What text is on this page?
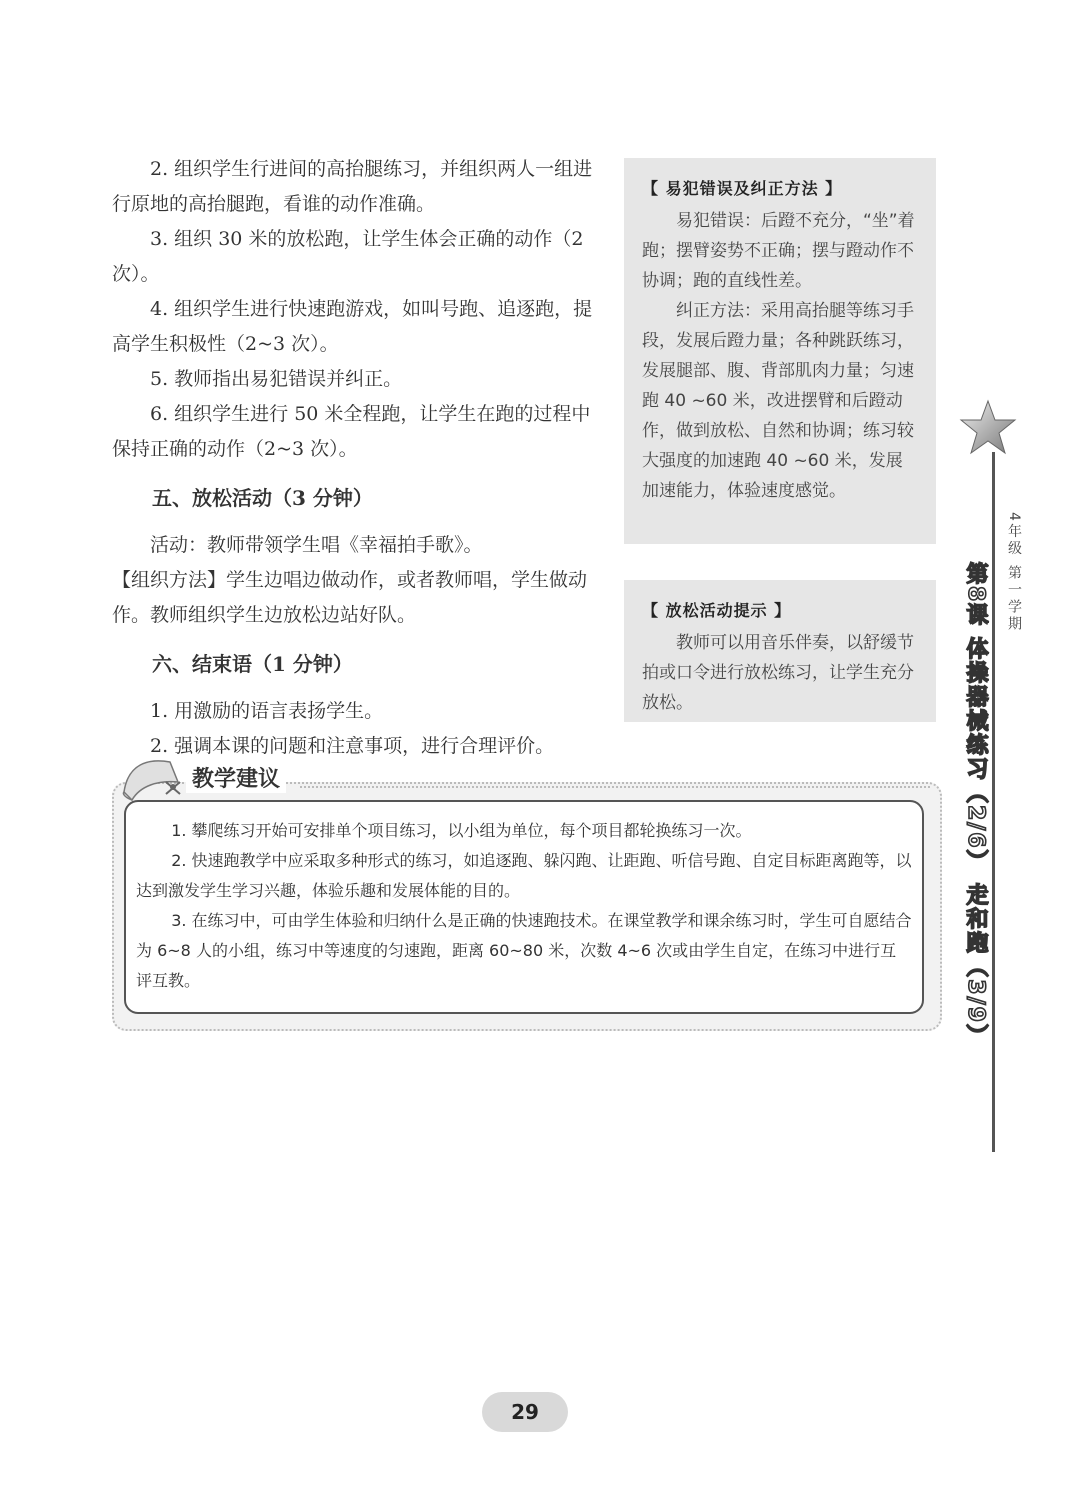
2. 组织学生行进间的高抬腿练习，并组织两人一组进行原地的高抬腿跑，看谁的动作准确。

3. 组织 30 米的放松跑，让学生体会正确的动作（2 次）。

4. 组织学生进行快速跑游戏，如叫号跑、追逐跑，提高学生积极性（2~3 次）。

5. 教师指出易犯错误并纠正。

6. 组织学生进行 50 米全程跑，让学生在跑的过程中保持正确的动作（2~3 次）。

五、放松活动（3 分钟）

活动：教师带领学生唱《幸福拍手歌》。

【组织方法】学生边唱边做动作，或者教师唱，学生做动作。教师组织学生边放松边站好队。

六、结束语（1 分钟）

1. 用激励的语言表扬学生。

2. 强调本课的问题和注意事项，进行合理评价。

【 易犯错误及纠正方法 】

易犯错误：后蹬不充分，“坐”着跑；摆臂姿势不正确；摆与蹬动作不协调；跑的直线性差。

纠正方法：采用高抬腿等练习手段，发展后蹬力量；各种跳跃练习，发展腿部、腹、背部肌肉力量；匀速跑 40 ~60 米，改进摆臂和后蹬动作，做到放松、自然和协调；练习较大强度的加速跑 40 ~60 米，发展加速能力，体验速度感觉。

【 放松活动提示 】

教师可以用音乐伴奏，以舒缓节拍或口令进行放松练习，让学生充分放松。

4年级 第一学期
第8课 体操器械练习（2/6） 走和跑（3/9）
教学建议

1. 攀爬练习开始可安排单个项目练习，以小组为单位，每个项目都轮换练习一次。

2. 快速跑教学中应采取多种形式的练习，如追逐跑、躲闪跑、让距跑、听信号跑、自定目标距离跑等，以达到激发学生学习兴趣，体验乐趣和发展体能的目的。

3. 在练习中，可由学生体验和归纳什么是正确的快速跑技术。在课堂教学和课余练习时，学生可自愿结合为 6~8 人的小组，练习中等速度的匀速跑，距离 60~80 米，次数 4~6 次或由学生自定，在练习中进行互评互教。

29
